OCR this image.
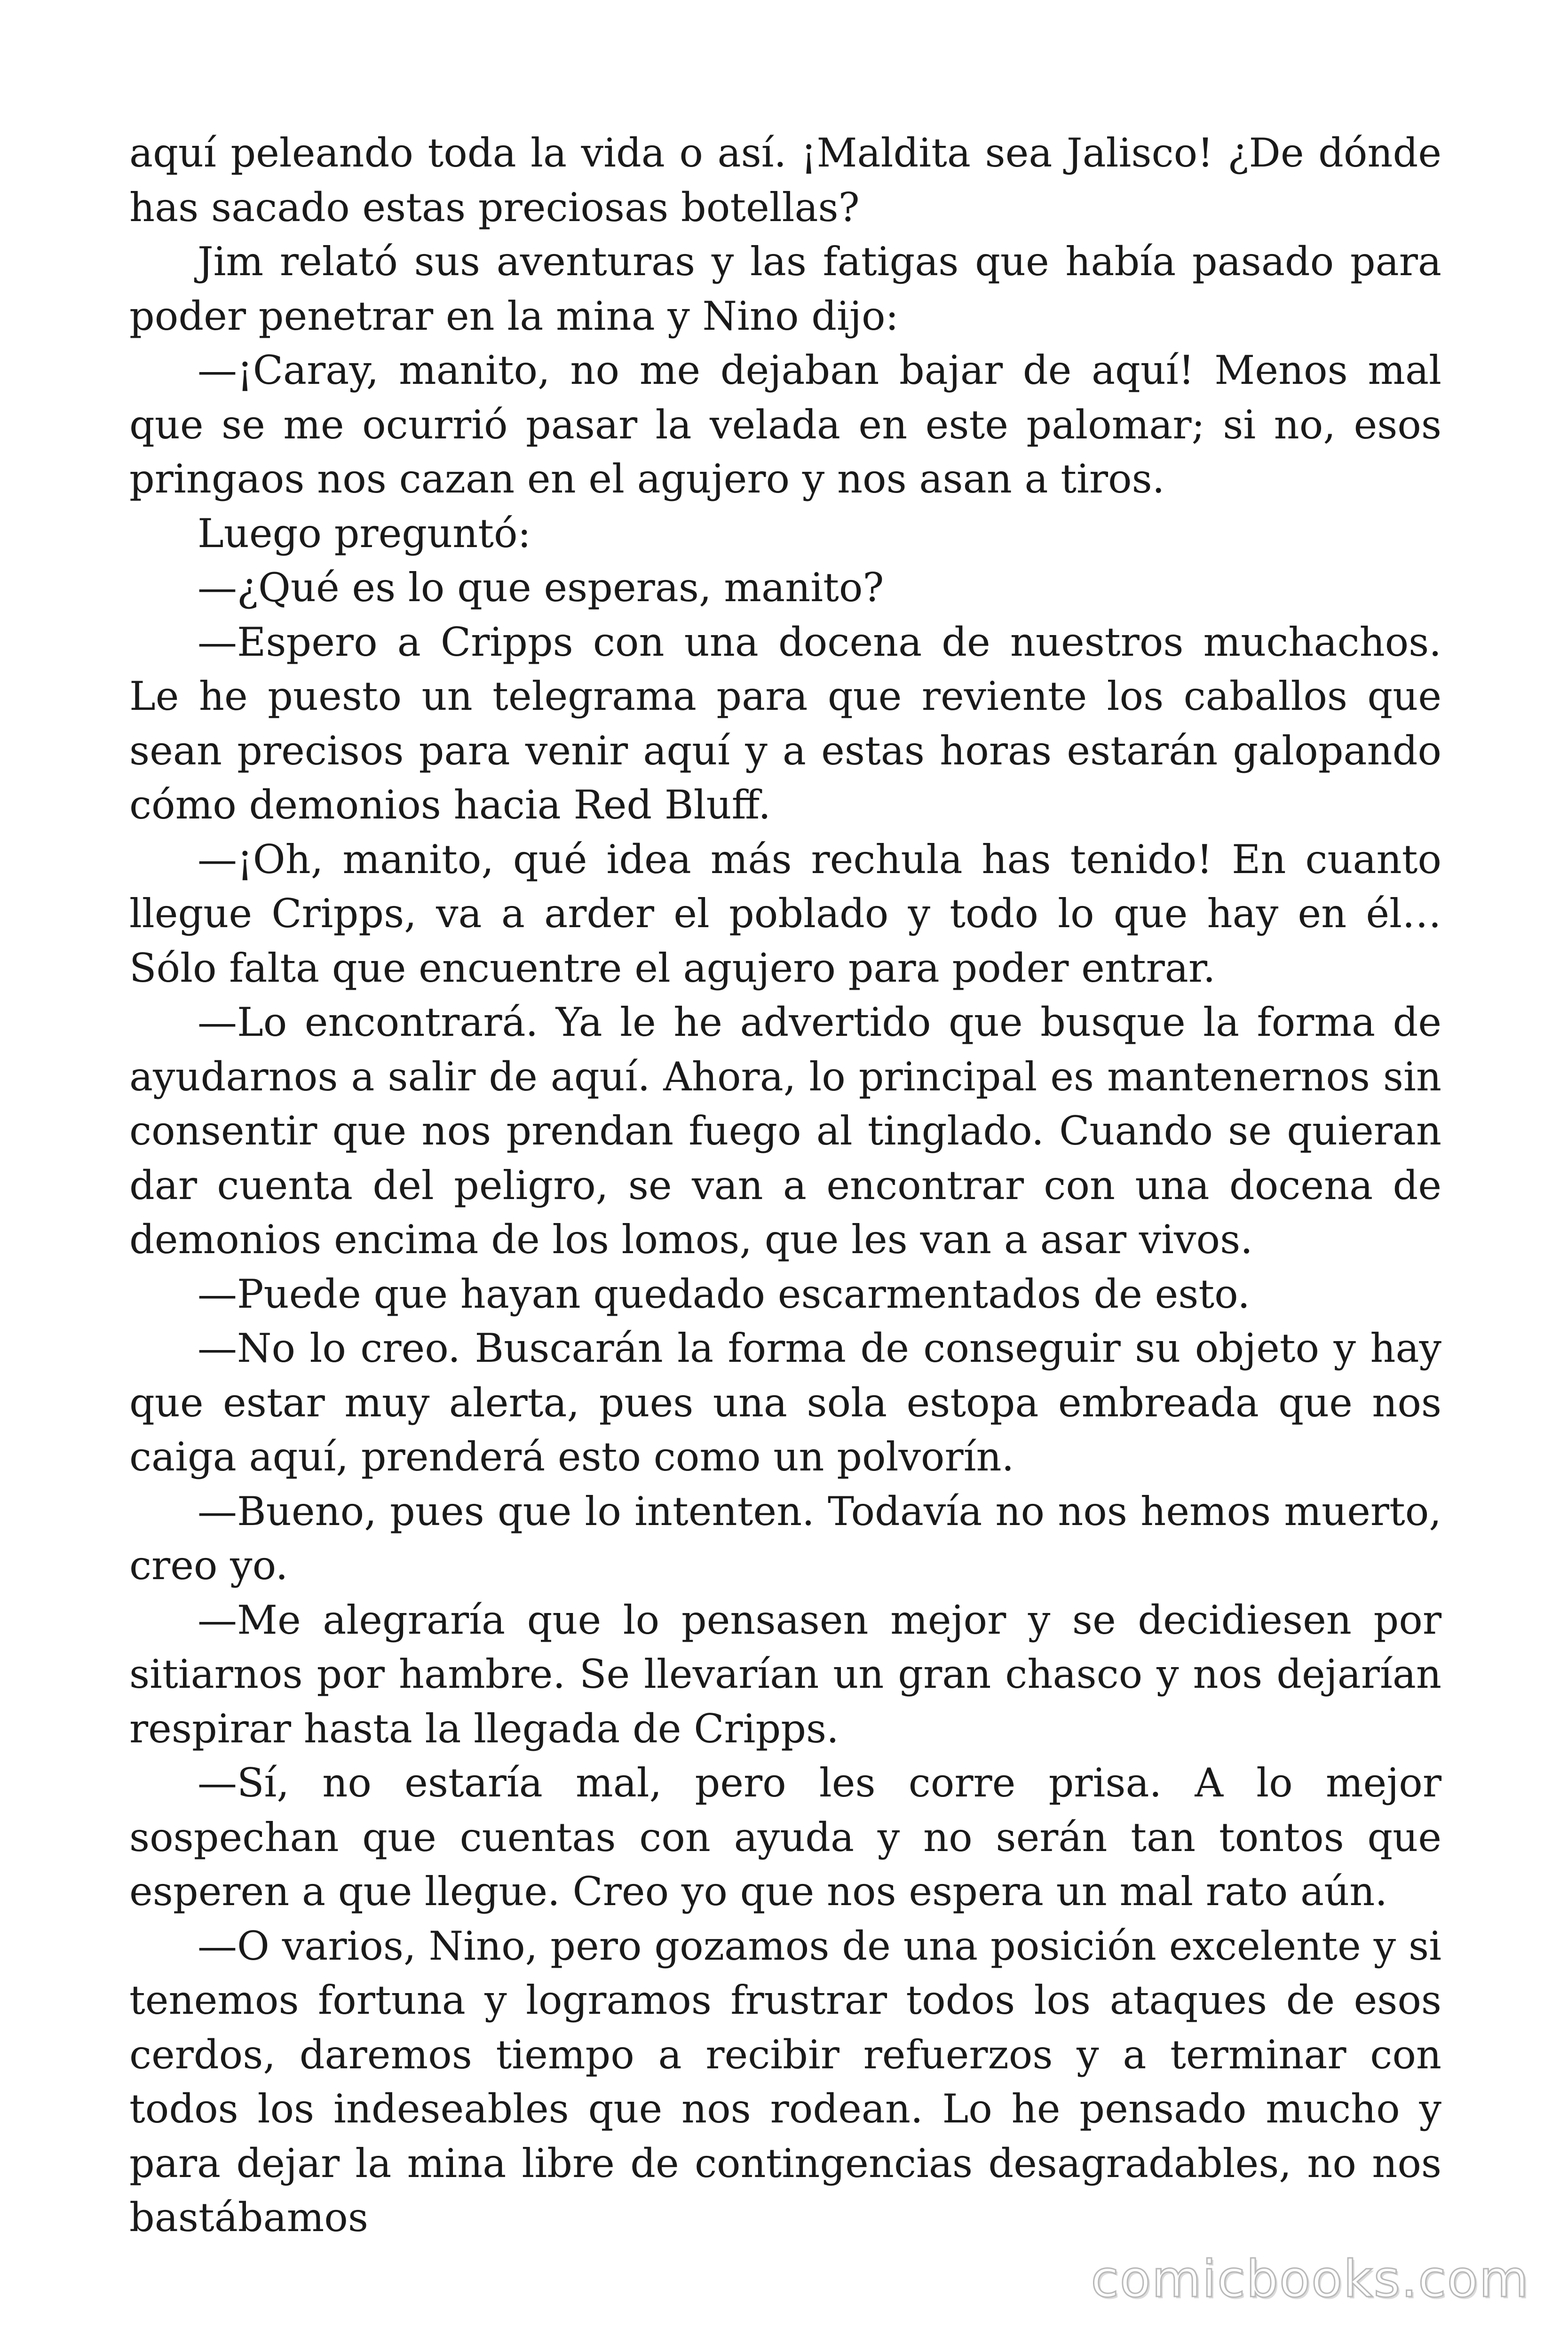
aquí peleando toda la vida o así. ¡Maldita sea Jalisco! ¿De dónde has sacado estas preciosas botellas?

Jim relató sus aventuras y las fatigas que había pasado para poder penetrar en la mina y Nino dijo:

—¡Caray, manito, no me dejaban bajar de aquí! Menos mal que se me ocurrió pasar la velada en este palomar; si no, esos pringaos nos cazan en el agujero y nos asan a tiros.

Luego preguntó:

—¿Qué es lo que esperas, manito?

—Espero a Cripps con una docena de nuestros muchachos. Le he puesto un telegrama para que reviente los caballos que sean precisos para venir aquí y a estas horas estarán galopando cómo demonios hacia Red Bluff.

—¡Oh, manito, qué idea más rechula has tenido! En cuanto llegue Cripps, va a arder el poblado y todo lo que hay en él… Sólo falta que encuentre el agujero para poder entrar.

—Lo encontrará. Ya le he advertido que busque la forma de ayudarnos a salir de aquí. Ahora, lo principal es mantenernos sin consentir que nos prendan fuego al tinglado. Cuando se quieran dar cuenta del peligro, se van a encontrar con una docena de demonios encima de los lomos, que les van a asar vivos.

—Puede que hayan quedado escarmentados de esto.

—No lo creo. Buscarán la forma de conseguir su objeto y hay que estar muy alerta, pues una sola estopa embreada que nos caiga aquí, prenderá esto como un polvorín.

—Bueno, pues que lo intenten. Todavía no nos hemos muerto, creo yo.

—Me alegraría que lo pensasen mejor y se decidiesen por sitiarnos por hambre. Se llevarían un gran chasco y nos dejarían respirar hasta la llegada de Cripps.

—Sí, no estaría mal, pero les corre prisa. A lo mejor sospechan que cuentas con ayuda y no serán tan tontos que esperen a que llegue. Creo yo que nos espera un mal rato aún.

—O varios, Nino, pero gozamos de una posición excelente y si tenemos fortuna y logramos frustrar todos los ataques de esos cerdos, daremos tiempo a recibir refuerzos y a terminar con todos los indeseables que nos rodean. Lo he pensado mucho y para dejar la mina libre de contingencias desagradables, no nos bastábamos

comicbooks.com
